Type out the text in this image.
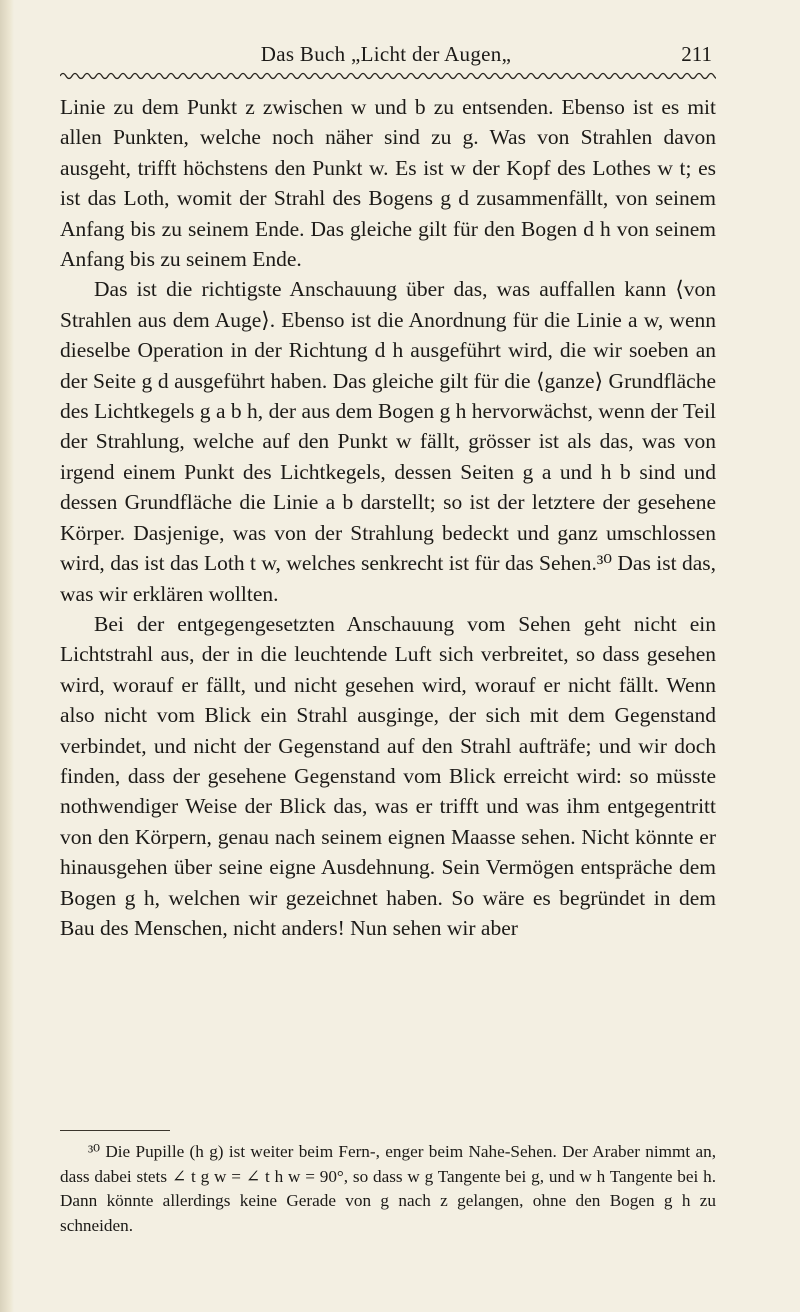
Das Buch „Licht der Augen„	211

Linie zu dem Punkt z zwischen w und b zu entsenden. Ebenso ist es mit allen Punkten, welche noch näher sind zu g. Was von Strahlen davon ausgeht, trifft höchstens den Punkt w. Es ist w der Kopf des Lothes w t; es ist das Loth, womit der Strahl des Bogens g d zusammenfällt, von seinem Anfang bis zu seinem Ende. Das gleiche gilt für den Bogen d h von seinem Anfang bis zu seinem Ende.

Das ist die richtigste Anschauung über das, was auffallen kann ⟨von Strahlen aus dem Auge⟩. Ebenso ist die Anordnung für die Linie a w, wenn dieselbe Operation in der Richtung d h ausgeführt wird, die wir soeben an der Seite g d ausgeführt haben. Das gleiche gilt für die ⟨ganze⟩ Grundfläche des Lichtkegels g a b h, der aus dem Bogen g h hervorwächst, wenn der Teil der Strahlung, welche auf den Punkt w fällt, grösser ist als das, was von irgend einem Punkt des Lichtkegels, dessen Seiten g a und h b sind und dessen Grundfläche die Linie a b darstellt; so ist der letztere der gesehene Körper. Dasjenige, was von der Strahlung bedeckt und ganz umschlossen wird, das ist das Loth t w, welches senkrecht ist für das Sehen.³⁰ Das ist das, was wir erklären wollten.

Bei der entgegengesetzten Anschauung vom Sehen geht nicht ein Lichtstrahl aus, der in die leuchtende Luft sich verbreitet, so dass gesehen wird, worauf er fällt, und nicht gesehen wird, worauf er nicht fällt. Wenn also nicht vom Blick ein Strahl ausginge, der sich mit dem Gegenstand verbindet, und nicht der Gegenstand auf den Strahl aufträfe; und wir doch finden, dass der gesehene Gegenstand vom Blick erreicht wird: so müsste nothwendiger Weise der Blick das, was er trifft und was ihm entgegentritt von den Körpern, genau nach seinem eignen Maasse sehen. Nicht könnte er hinausgehen über seine eigne Ausdehnung. Sein Vermögen entspräche dem Bogen g h, welchen wir gezeichnet haben. So wäre es begründet in dem Bau des Menschen, nicht anders! Nun sehen wir aber

³⁰ Die Pupille (h g) ist weiter beim Fern-, enger beim Nahe-Sehen. Der Araber nimmt an, dass dabei stets ∠ t g w = ∠ t h w = 90°, so dass w g Tangente bei g, und w h Tangente bei h. Dann könnte allerdings keine Gerade von g nach z gelangen, ohne den Bogen g h zu schneiden.
